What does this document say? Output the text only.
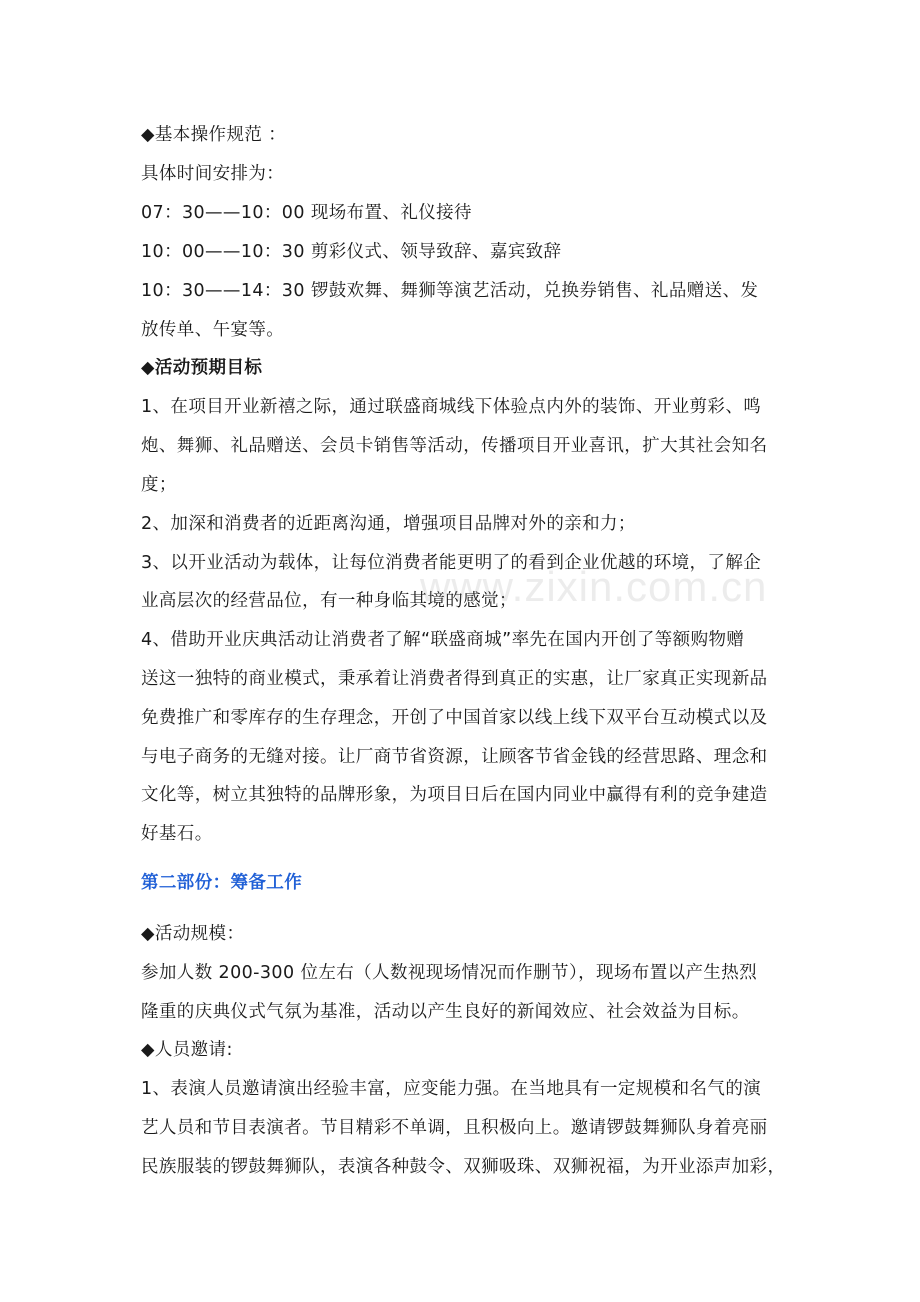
◆基本操作规范 ：
具体时间安排为：
07：30——10：00 现场布置、礼仪接待
10：00——10：30 剪彩仪式、领导致辞、嘉宾致辞
10：30——14：30 锣鼓欢舞、舞狮等演艺活动，兑换券销售、礼品赠送、发
放传单、午宴等。
◆活动预期目标
1、在项目开业新禧之际，通过联盛商城线下体验点内外的装饰、开业剪彩、鸣
炮、舞狮、礼品赠送、会员卡销售等活动，传播项目开业喜讯，扩大其社会知名
度；
2、加深和消费者的近距离沟通，增强项目品牌对外的亲和力；
3、以开业活动为载体，让每位消费者能更明了的看到企业优越的环境，了解企
业高层次的经营品位，有一种身临其境的感觉；
4、借助开业庆典活动让消费者了解“联盛商城”率先在国内开创了等额购物赠
送这一独特的商业模式，秉承着让消费者得到真正的实惠，让厂家真正实现新品
免费推广和零库存的生存理念，开创了中国首家以线上线下双平台互动模式以及
与电子商务的无缝对接。让厂商节省资源，让顾客节省金钱的经营思路、理念和
文化等，树立其独特的品牌形象，为项目日后在国内同业中赢得有利的竞争建造
好基石。
第二部份：筹备工作
◆活动规模：
参加人数 200-300 位左右（人数视现场情况而作删节），现场布置以产生热烈
隆重的庆典仪式气氛为基准，活动以产生良好的新闻效应、社会效益为目标。
◆人员邀请:
1、表演人员邀请演出经验丰富，应变能力强。在当地具有一定规模和名气的演
艺人员和节目表演者。节目精彩不单调，且积极向上。邀请锣鼓舞狮队身着亮丽
民族服装的锣鼓舞狮队，表演各种鼓令、双狮吸珠、双狮祝福，为开业添声加彩，
www.zixin.com.cn
